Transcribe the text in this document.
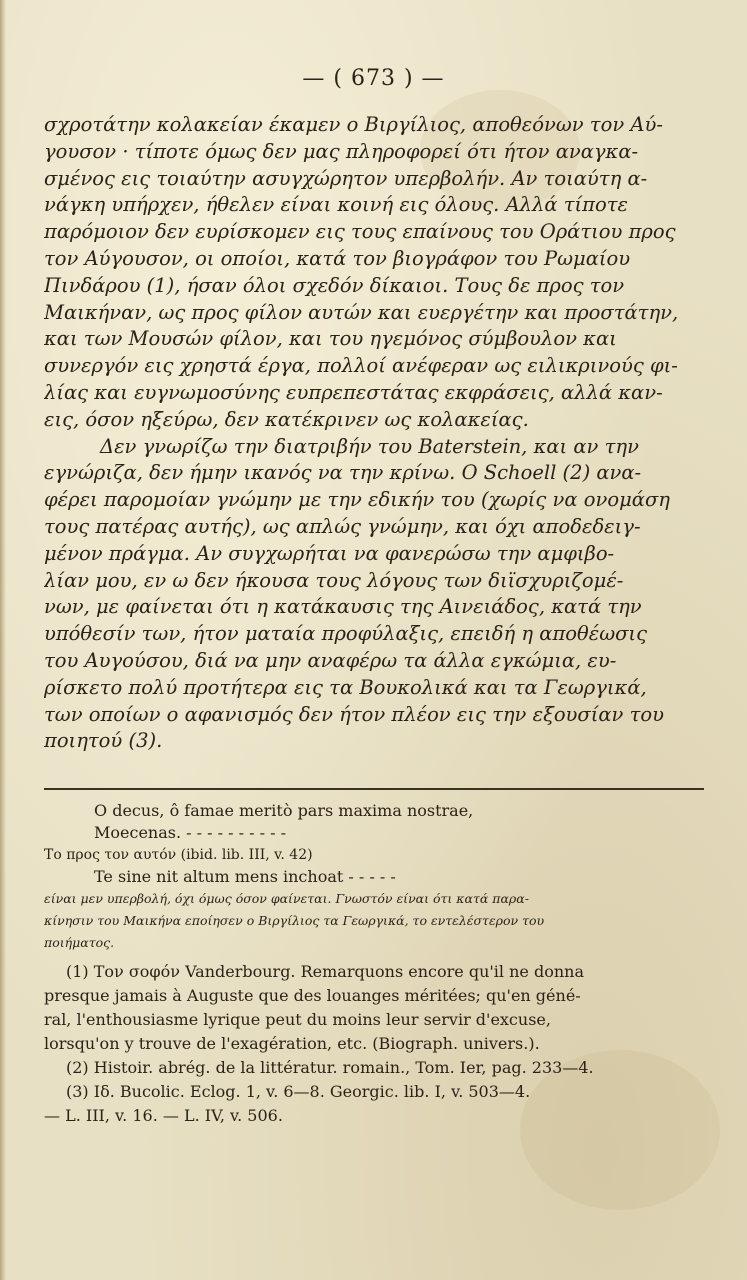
— ( 673 ) —
σχροτάτην κολακείαν έκαμεν ο Βιργίλιος, αποθεόνων τον Αύ-
γουσον · τίποτε όμως δεν μας πληροφορεί ότι ήτον αναγκα-
σμένος εις τοιαύτην ασυγχώρητον υπερβολήν. Αν τοιαύτη α-
νάγκη υπήρχεν, ήθελεν είναι κοινή εις όλους. Αλλά τίποτε
παρόμοιον δεν ευρίσκομεν εις τους επαίνους του Οράτιου προς
τον Αύγουσον, οι οποίοι, κατά τον βιογράφον του Ρωμαίου
Πινδάρου (1), ήσαν όλοι σχεδόν δίκαιοι. Τους δε προς τον
Μαικήναν, ως προς φίλον αυτών και ευεργέτην και προστάτην,
και των Μουσών φίλον, και του ηγεμόνος σύμβουλον και
συνεργόν εις χρηστά έργα, πολλοί ανέφεραν ως ειλικρινούς φι-
λίας και ευγνωμοσύνης ευπρεπεστάτας εκφράσεις, αλλά καν-
εις, όσον ηξεύρω, δεν κατέκρινεν ως κολακείας.
Δεν γνωρίζω την διατριβήν του Baterstein, και αν την
εγνώριζα, δεν ήμην ικανός να την κρίνω. Ο Schoell (2) ανα-
φέρει παρομοίαν γνώμην με την εδικήν του (χωρίς να ονομάση
τους πατέρας αυτής), ως απλώς γνώμην, και όχι αποδεδειγ-
μένον πράγμα. Αν συγχωρήται να φανερώσω την αμφιβο-
λίαν μου, εν ω δεν ήκουσα τους λόγους των διϊσχυριζομέ-
νων, με φαίνεται ότι η κατάκαυσις της Αινειάδος, κατά την
υπόθεσίν των, ήτον ματαία προφύλαξις, επειδή η αποθέωσις
του Αυγούσου, διά να μην αναφέρω τα άλλα εγκώμια, ευ-
ρίσκετο πολύ προτήτερα εις τα Βουκολικά και τα Γεωργικά,
των οποίων ο αφανισμός δεν ήτον πλέον εις την εξουσίαν του
ποιητού (3).
O decus, ô famae meritò pars maxima nostrae,
Moecenas. - - - - - - - - - -
Το προς τον αυτόν (ibid. lib. III, v. 42)
Te sine nit altum mens inchoat - - - - -
είναι μεν υπερβολή, όχι όμως όσον φαίνεται. Γνωστόν είναι ότι κατά παρα-
κίνησιν του Μαικήνα εποίησεν ο Βιργίλιος τα Γεωργικά, το εντελέστερον του
ποιήματος.
(1) Τον σοφόν Vanderbourg. Remarquons encore qu'il ne donna
presque jamais à Auguste que des louanges méritées; qu'en géné-
ral, l'enthousiasme lyrique peut du moins leur servir d'excuse,
lorsqu'on y trouve de l'exagération, etc. (Biograph. univers.).
(2) Histoir. abrég. de la littératur. romain., Tom. Ier, pag. 233—4.
(3) Ιδ. Bucolic. Eclog. 1, v. 6—8. Georgic. lib. I, v. 503—4.
— L. III, v. 16. — L. IV, v. 506.
